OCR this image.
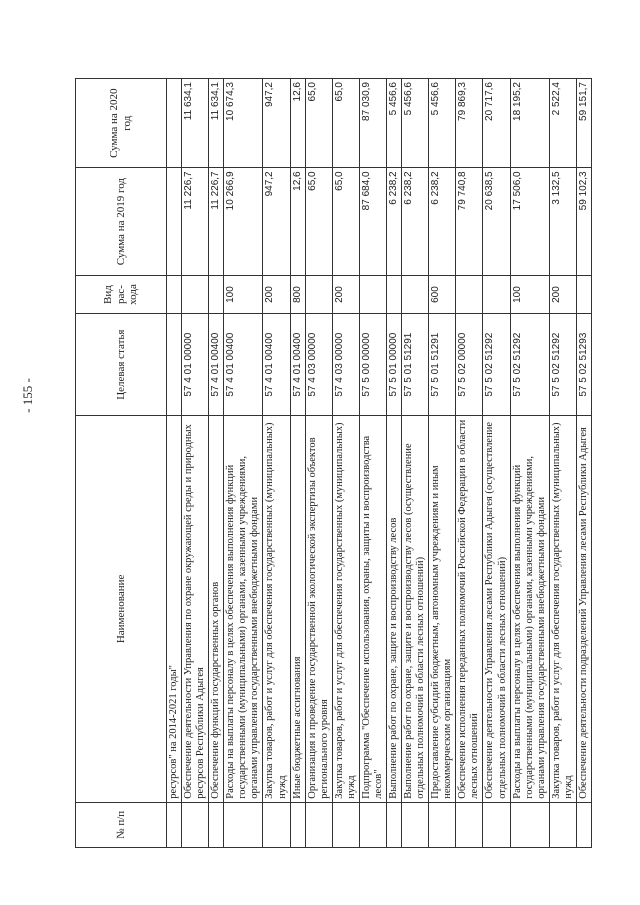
- 155 -
№ п/п	Наименование	Целевая статья	Вид рас-хода	Сумма на 2019 год	Сумма на 2020 год
	ресурсов" на 2014-2021 годы"				
	Обеспечение деятельности Управления по охране окружающей среды и природных ресурсов Республики Адыгея	57 4 01 00000		11 226,7	11 634,1
	Обеспечение функций государственных органов	57 4 01 00400		11 226,7	11 634,1
	Расходы на выплаты персоналу в целях обеспечения выполнения функций государственными (муниципальными) органами, казенными учреждениями, органами управления государственными внебюджетными фондами	57 4 01 00400	100	10 266,9	10 674,3
	Закупка товаров, работ и услуг для обеспечения государственных (муниципальных) нужд	57 4 01 00400	200	947,2	947,2
	Иные бюджетные ассигнования	57 4 01 00400	800	12,6	12,6
	Организация и проведение государственной экологической экспертизы объектов регионального уровня	57 4 03 00000		65,0	65,0
	Закупка товаров, работ и услуг для обеспечения государственных (муниципальных) нужд	57 4 03 00000	200	65,0	65,0
	Подпрограмма "Обеспечение использования, охраны, защиты и воспроизводства лесов"	57 5 00 00000		87 684,0	87 030,9
	Выполнение работ по охране, защите и воспроизводству лесов	57 5 01 00000		6 238,2	5 456,6
	Выполнение работ по охране, защите и воспроизводству лесов (осуществление отдельных полномочий в области лесных отношений)	57 5 01 51291		6 238,2	5 456,6
	Предоставление субсидий бюджетным, автономным учреждениям и иным некоммерческим организациям	57 5 01 51291	600	6 238,2	5 456,6
	Обеспечение исполнения переданных полномочий Российской Федерации в области лесных отношений	57 5 02 00000		79 740,8	79 869,3
	Обеспечение деятельности Управления лесами Республики Адыгея (осуществление отдельных полномочий в области лесных отношений)	57 5 02 51292		20 638,5	20 717,6
	Расходы на выплаты персоналу в целях обеспечения выполнения функций государственными (муниципальными) органами, казенными учреждениями, органами управления государственными внебюджетными фондами	57 5 02 51292	100	17 506,0	18 195,2
	Закупка товаров, работ и услуг для обеспечения государственных (муниципальных) нужд	57 5 02 51292	200	3 132,5	2 522,4
	Обеспечение деятельности подразделений Управления лесами Республики Адыгея	57 5 02 51293		59 102,3	59 151,7
